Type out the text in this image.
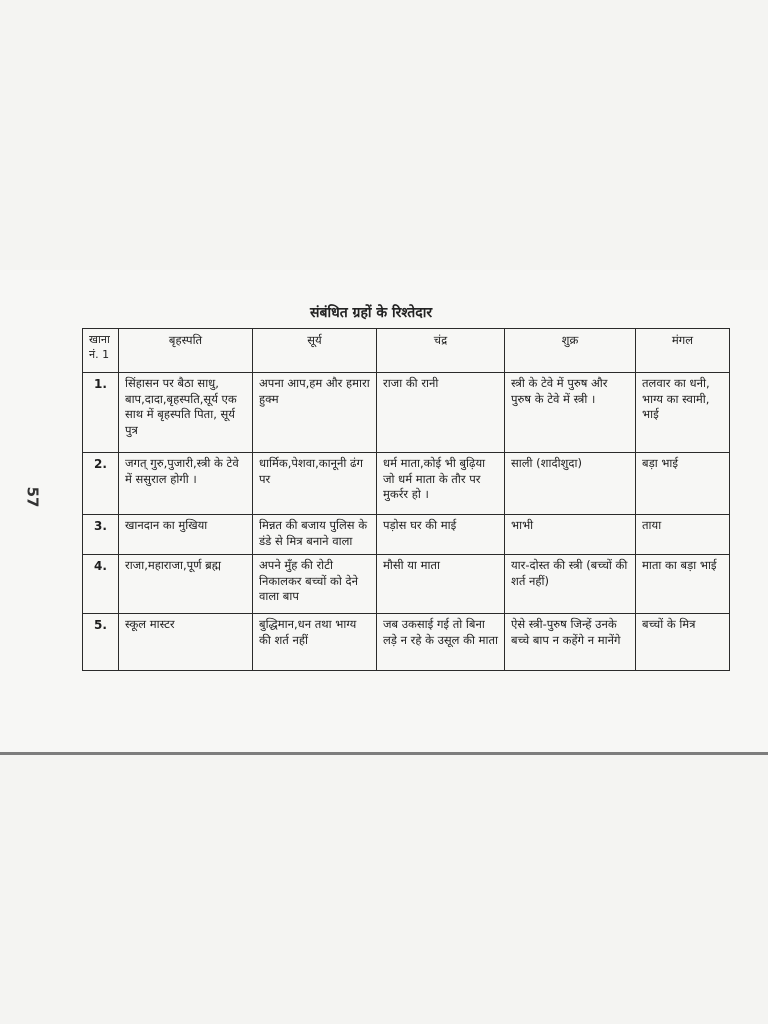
57
संबंधित ग्रहों के रिश्तेदार
खाना नं. 1	बृहस्पति	सूर्य	चंद्र	शुक्र	मंगल
1.	सिंहासन पर बैठा साधु, बाप,दादा,बृहस्पति,सूर्य एक साथ में बृहस्पति पिता, सूर्य पुत्र	अपना आप,हम और हमारा हुक्म	राजा की रानी	स्त्री के टेवे में पुरुष और पुरुष के टेवे में स्त्री ।	तलवार का धनी, भाग्य का स्वामी, भाई
2.	जगत् गुरु,पुजारी,स्त्री के टेवे में ससुराल होगी ।	धार्मिक,पेशवा,कानूनी ढंग पर	धर्म माता,कोई भी बुढ़िया जो धर्म माता के तौर पर मुकर्रर हो ।	साली (शादीशुदा)	बड़ा भाई
3.	खानदान का मुखिया	मिन्नत की बजाय पुलिस के डंडे से मित्र बनाने वाला	पड़ोस घर की माई	भाभी	ताया
4.	राजा,महाराजा,पूर्ण ब्रह्म	अपने मुँह की रोटी निकालकर बच्चों को देने वाला बाप	मौसी या माता	यार-दोस्त की स्त्री (बच्चों की शर्त नहीं)	माता का बड़ा भाई
5.	स्कूल मास्टर	बुद्धिमान,धन तथा भाग्य की शर्त नहीं	जब उकसाई गई तो बिना लड़े न रहे के उसूल की माता	ऐसे स्त्री-पुरुष जिन्हें उनके बच्चे बाप न कहेंगे न मानेंगे	बच्चों के मित्र
